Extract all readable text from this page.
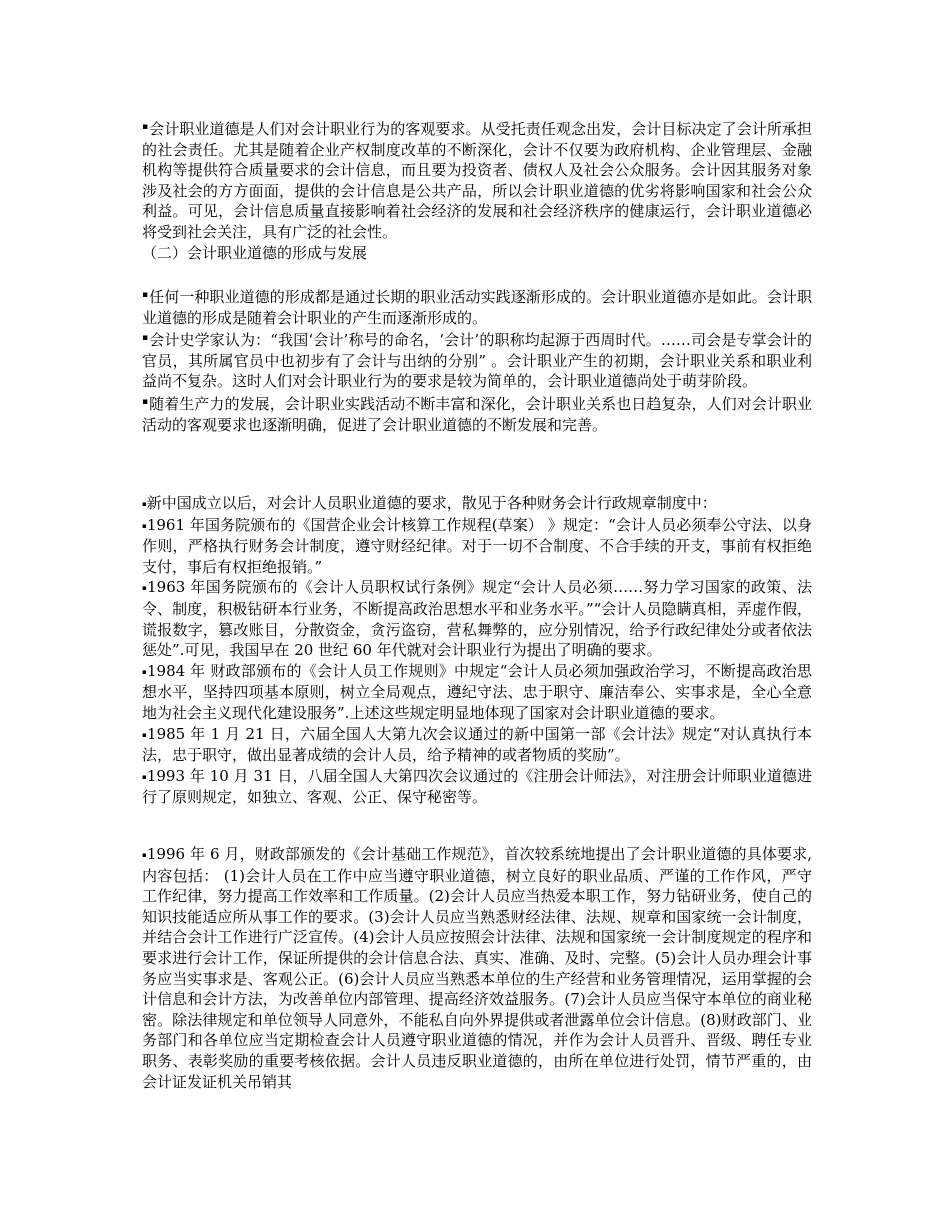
▪ 会计职业道德是人们对会计职业行为的客观要求。从受托责任观念出发，会计目标决定了会计所承担的社会责任。尤其是随着企业产权制度改革的不断深化，会计不仅要为政府机构、企业管理层、金融机构等提供符合质量要求的会计信息，而且要为投资者、债权人及社会公众服务。会计因其服务对象涉及社会的方方面面，提供的会计信息是公共产品，所以会计职业道德的优劣将影响国家和社会公众利益。可见，会计信息质量直接影响着社会经济的发展和社会经济秩序的健康运行，会计职业道德必将受到社会关注，具有广泛的社会性。

（二）会计职业道德的形成与发展

▪ 任何一种职业道德的形成都是通过长期的职业活动实践逐渐形成的。会计职业道德亦是如此。会计职业道德的形成是随着会计职业的产生而逐渐形成的。

▪ 会计史学家认为：“我国‘会计’称号的命名，‘会计’的职称均起源于西周时代。……司会是专掌会计的官员，其所属官员中也初步有了会计与出纳的分别” 。会计职业产生的初期，会计职业关系和职业利益尚不复杂。这时人们对会计职业行为的要求是较为简单的，会计职业道德尚处于萌芽阶段。

▪ 随着生产力的发展，会计职业实践活动不断丰富和深化，会计职业关系也日趋复杂，人们对会计职业活动的客观要求也逐渐明确，促进了会计职业道德的不断发展和完善。

▪ 新中国成立以后，对会计人员职业道德的要求，散见于各种财务会计行政规章制度中：

▪ 1961 年国务院颁布的《国营企业会计核算工作规程(草案） 》规定：“会计人员必须奉公守法、以身作则，严格执行财务会计制度，遵守财经纪律。对于一切不合制度、不合手续的开支，事前有权拒绝支付，事后有权拒绝报销。”

▪ 1963 年国务院颁布的《会计人员职权试行条例》规定“会计人员必须……努力学习国家的政策、法令、制度，积极钻研本行业务，不断提高政治思想水平和业务水平。”“会计人员隐瞒真相，弄虚作假，谎报数字，篡改账目，分散资金，贪污盗窃，营私舞弊的，应分别情况，给予行政纪律处分或者依法惩处”.可见，我国早在 20 世纪 60 年代就对会计职业行为提出了明确的要求。

▪ 1984 年 财政部颁布的《会计人员工作规则》中规定“会计人员必须加强政治学习，不断提高政治思想水平，坚持四项基本原则，树立全局观点，遵纪守法、忠于职守、廉洁奉公、实事求是，全心全意地为社会主义现代化建设服务”.上述这些规定明显地体现了国家对会计职业道德的要求。

▪ 1985 年 1 月 21 日，六届全国人大第九次会议通过的新中国第一部《会计法》规定“对认真执行本法，忠于职守，做出显著成绩的会计人员，给予精神的或者物质的奖励”。

▪ 1993 年 10 月 31 日，八届全国人大第四次会议通过的《注册会计师法》，对注册会计师职业道德进行了原则规定，如独立、客观、公正、保守秘密等。

▪ 1996 年 6 月，财政部颁发的《会计基础工作规范》，首次较系统地提出了会计职业道德的具体要求,内容包括： (1)会计人员在工作中应当遵守职业道德，树立良好的职业品质、严谨的工作作风，严守工作纪律，努力提高工作效率和工作质量。(2)会计人员应当热爱本职工作，努力钻研业务，使自己的知识技能适应所从事工作的要求。(3)会计人员应当熟悉财经法律、法规、规章和国家统一会计制度，并结合会计工作进行广泛宣传。(4)会计人员应按照会计法律、法规和国家统一会计制度规定的程序和要求进行会计工作，保证所提供的会计信息合法、真实、准确、及时、完整。(5)会计人员办理会计事务应当实事求是、客观公正。(6)会计人员应当熟悉本单位的生产经营和业务管理情况，运用掌握的会计信息和会计方法，为改善单位内部管理、提高经济效益服务。(7)会计人员应当保守本单位的商业秘密。除法律规定和单位领导人同意外，不能私自向外界提供或者泄露单位会计信息。(8)财政部门、业务部门和各单位应当定期检查会计人员遵守职业道德的情况，并作为会计人员晋升、晋级、聘任专业职务、表彰奖励的重要考核依据。会计人员违反职业道德的，由所在单位进行处罚，情节严重的，由会计证发证机关吊销其
